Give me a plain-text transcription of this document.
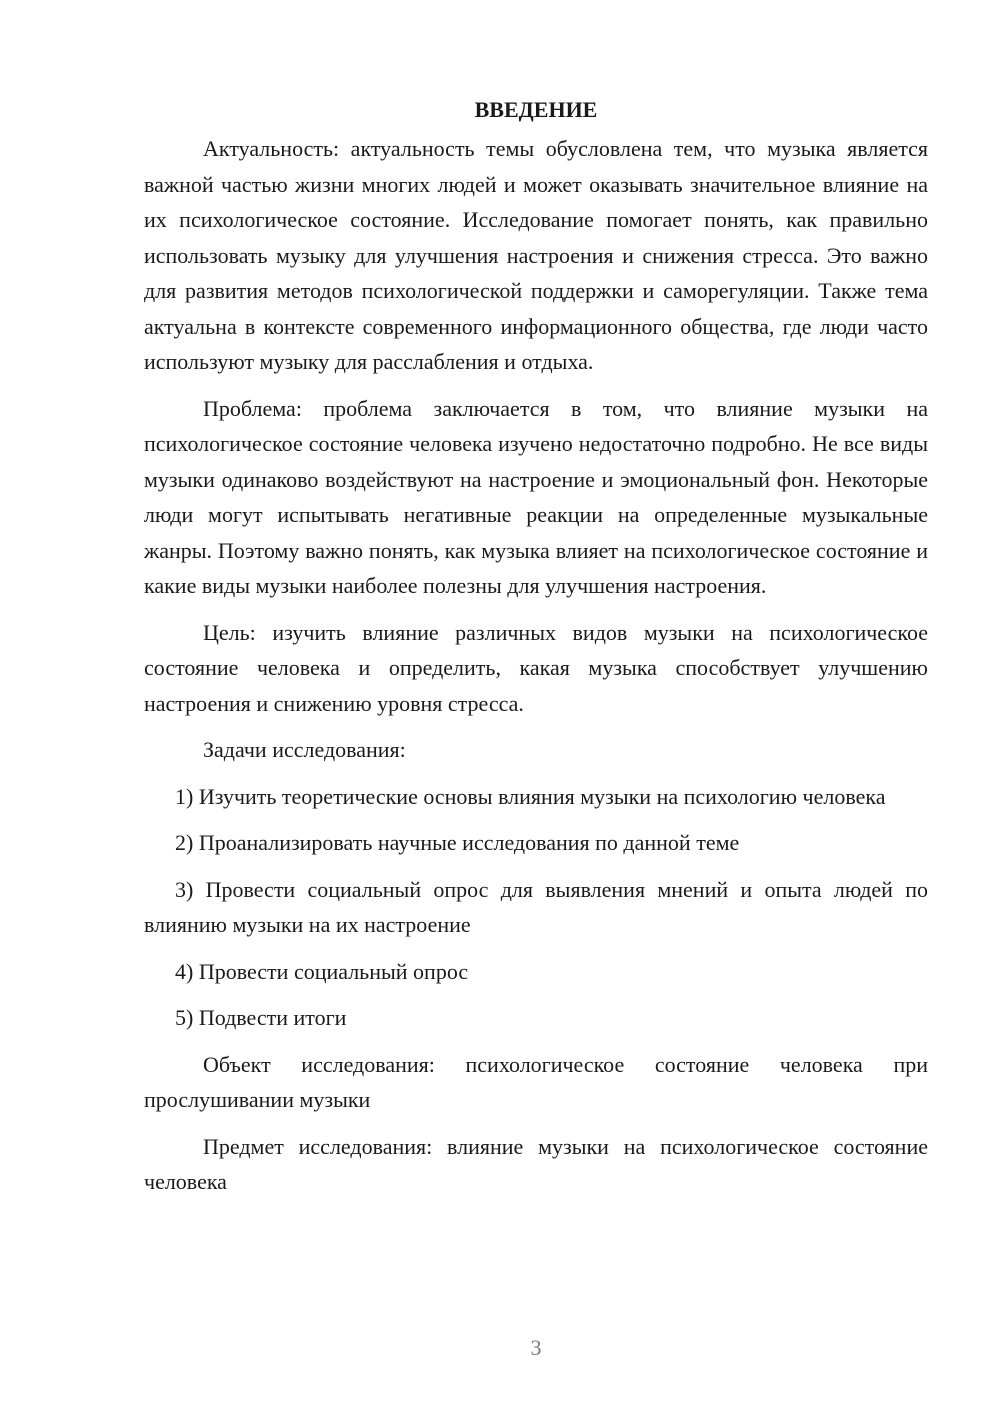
ВВЕДЕНИЕ

Актуальность: актуальность темы обусловлена тем, что музыка является важной частью жизни многих людей и может оказывать значительное влияние на их психологическое состояние. Исследование помогает понять, как правильно использовать музыку для улучшения настроения и снижения стресса. Это важно для развития методов психологической поддержки и саморегуляции. Также тема актуальна в контексте современного информационного общества, где люди часто используют музыку для расслабления и отдыха.

Проблема: проблема заключается в том, что влияние музыки на психологическое состояние человека изучено недостаточно подробно. Не все виды музыки одинаково воздействуют на настроение и эмоциональный фон. Некоторые люди могут испытывать негативные реакции на определенные музыкальные жанры. Поэтому важно понять, как музыка влияет на психологическое состояние и какие виды музыки наиболее полезны для улучшения настроения.

Цель: изучить влияние различных видов музыки на психологическое состояние человека и определить, какая музыка способствует улучшению настроения и снижению уровня стресса.

Задачи исследования:

1) Изучить теоретические основы влияния музыки на психологию человека

2) Проанализировать научные исследования по данной теме

3) Провести социальный опрос для выявления мнений и опыта людей по влиянию музыки на их настроение

4) Провести социальный опрос

5) Подвести итоги

Объект исследования: психологическое состояние человека при прослушивании музыки

Предмет исследования: влияние музыки на психологическое состояние человека

3
